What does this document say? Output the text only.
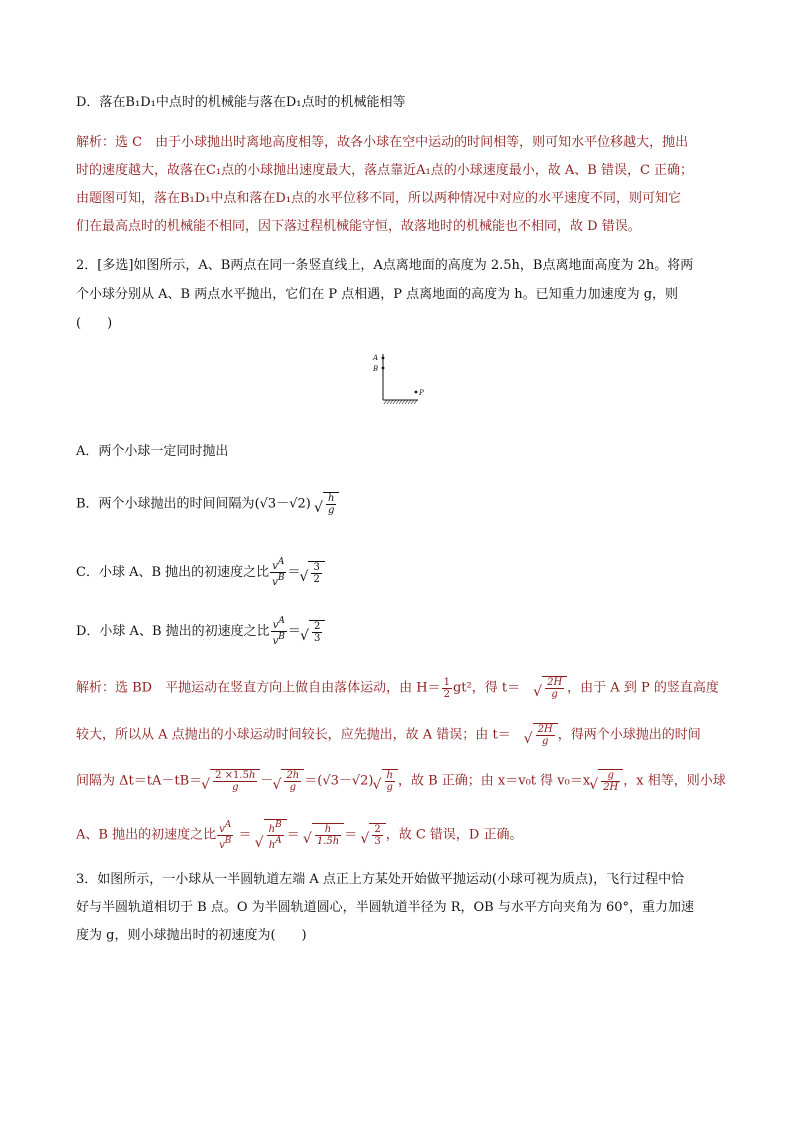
D．落在B₁D₁中点时的机械能与落在D₁点时的机械能相等
解析：选 C　由于小球抛出时离地高度相等，故各小球在空中运动的时间相等，则可知水平位移越大，抛出
时的速度越大，故落在C₁点的小球抛出速度最大，落点靠近A₁点的小球速度最小，故 A、B 错误，C 正确；
由题图可知，落在B₁D₁中点和落在D₁点的水平位移不同，所以两种情况中对应的水平速度不同，则可知它
们在最高点时的机械能不相同，因下落过程机械能守恒，故落地时的机械能也不相同，故 D 错误。
2．[多选]如图所示，A、B两点在同一条竖直线上，A点离地面的高度为 2.5h，B点离地面高度为 2h。将两
个小球分别从 A、B 两点水平抛出，它们在 P 点相遇，P 点离地面的高度为 h。已知重力加速度为 g，则
(　　)
A
B
P
A．两个小球一定同时抛出
B．两个小球抛出的时间间隔为(√3－√2) √ $\frac{h}{g}$
C．小球 A、B 抛出的初速度之比 $\frac{vA}{vB}$ ＝ √ $\frac{3}{2}$
D．小球 A、B 抛出的初速度之比 $\frac{vA}{vB}$ ＝ √ $\frac{2}{3}$
解析：选 BD　平抛运动在竖直方向上做自由落体运动，由 $H= \frac{1}{2} gt^2$，得 t＝	√ $\frac{2H}{g}$ ，由于 A 到 P 的竖直高度
较大，所以从 A 点抛出的小球运动时间较长，应先抛出，故 A 错误；由 t＝	√ $\frac{2H}{g}$ ，得两个小球抛出的时间
间隔为 Δt＝tA－tB＝ √ $\frac{2 \times 1.5h}{g}$ － √ $\frac{2h}{g} =(√3-√2)$ √ $\frac{h}{g}$ ，故 B 正确；由 x＝v₀t 得 v₀＝x √ $\frac{g}{2H}$ ，x 相等，则小球
A、B 抛出的初速度之比 $\frac{vA}{vB}$ ＝ √ $\frac{hB}{hA}$ ＝ √ $\frac{h}{1.5h}$ ＝ √ $\frac{2}{3}$ ，故 C 错误，D 正确。
3．如图所示，一小球从一半圆轨道左端 A 点正上方某处开始做平抛运动(小球可视为质点)，飞行过程中恰
好与半圆轨道相切于 B 点。O 为半圆轨道圆心，半圆轨道半径为 R，OB 与水平方向夹角为 60°，重力加速
度为 g，则小球抛出时的初速度为(　　)
